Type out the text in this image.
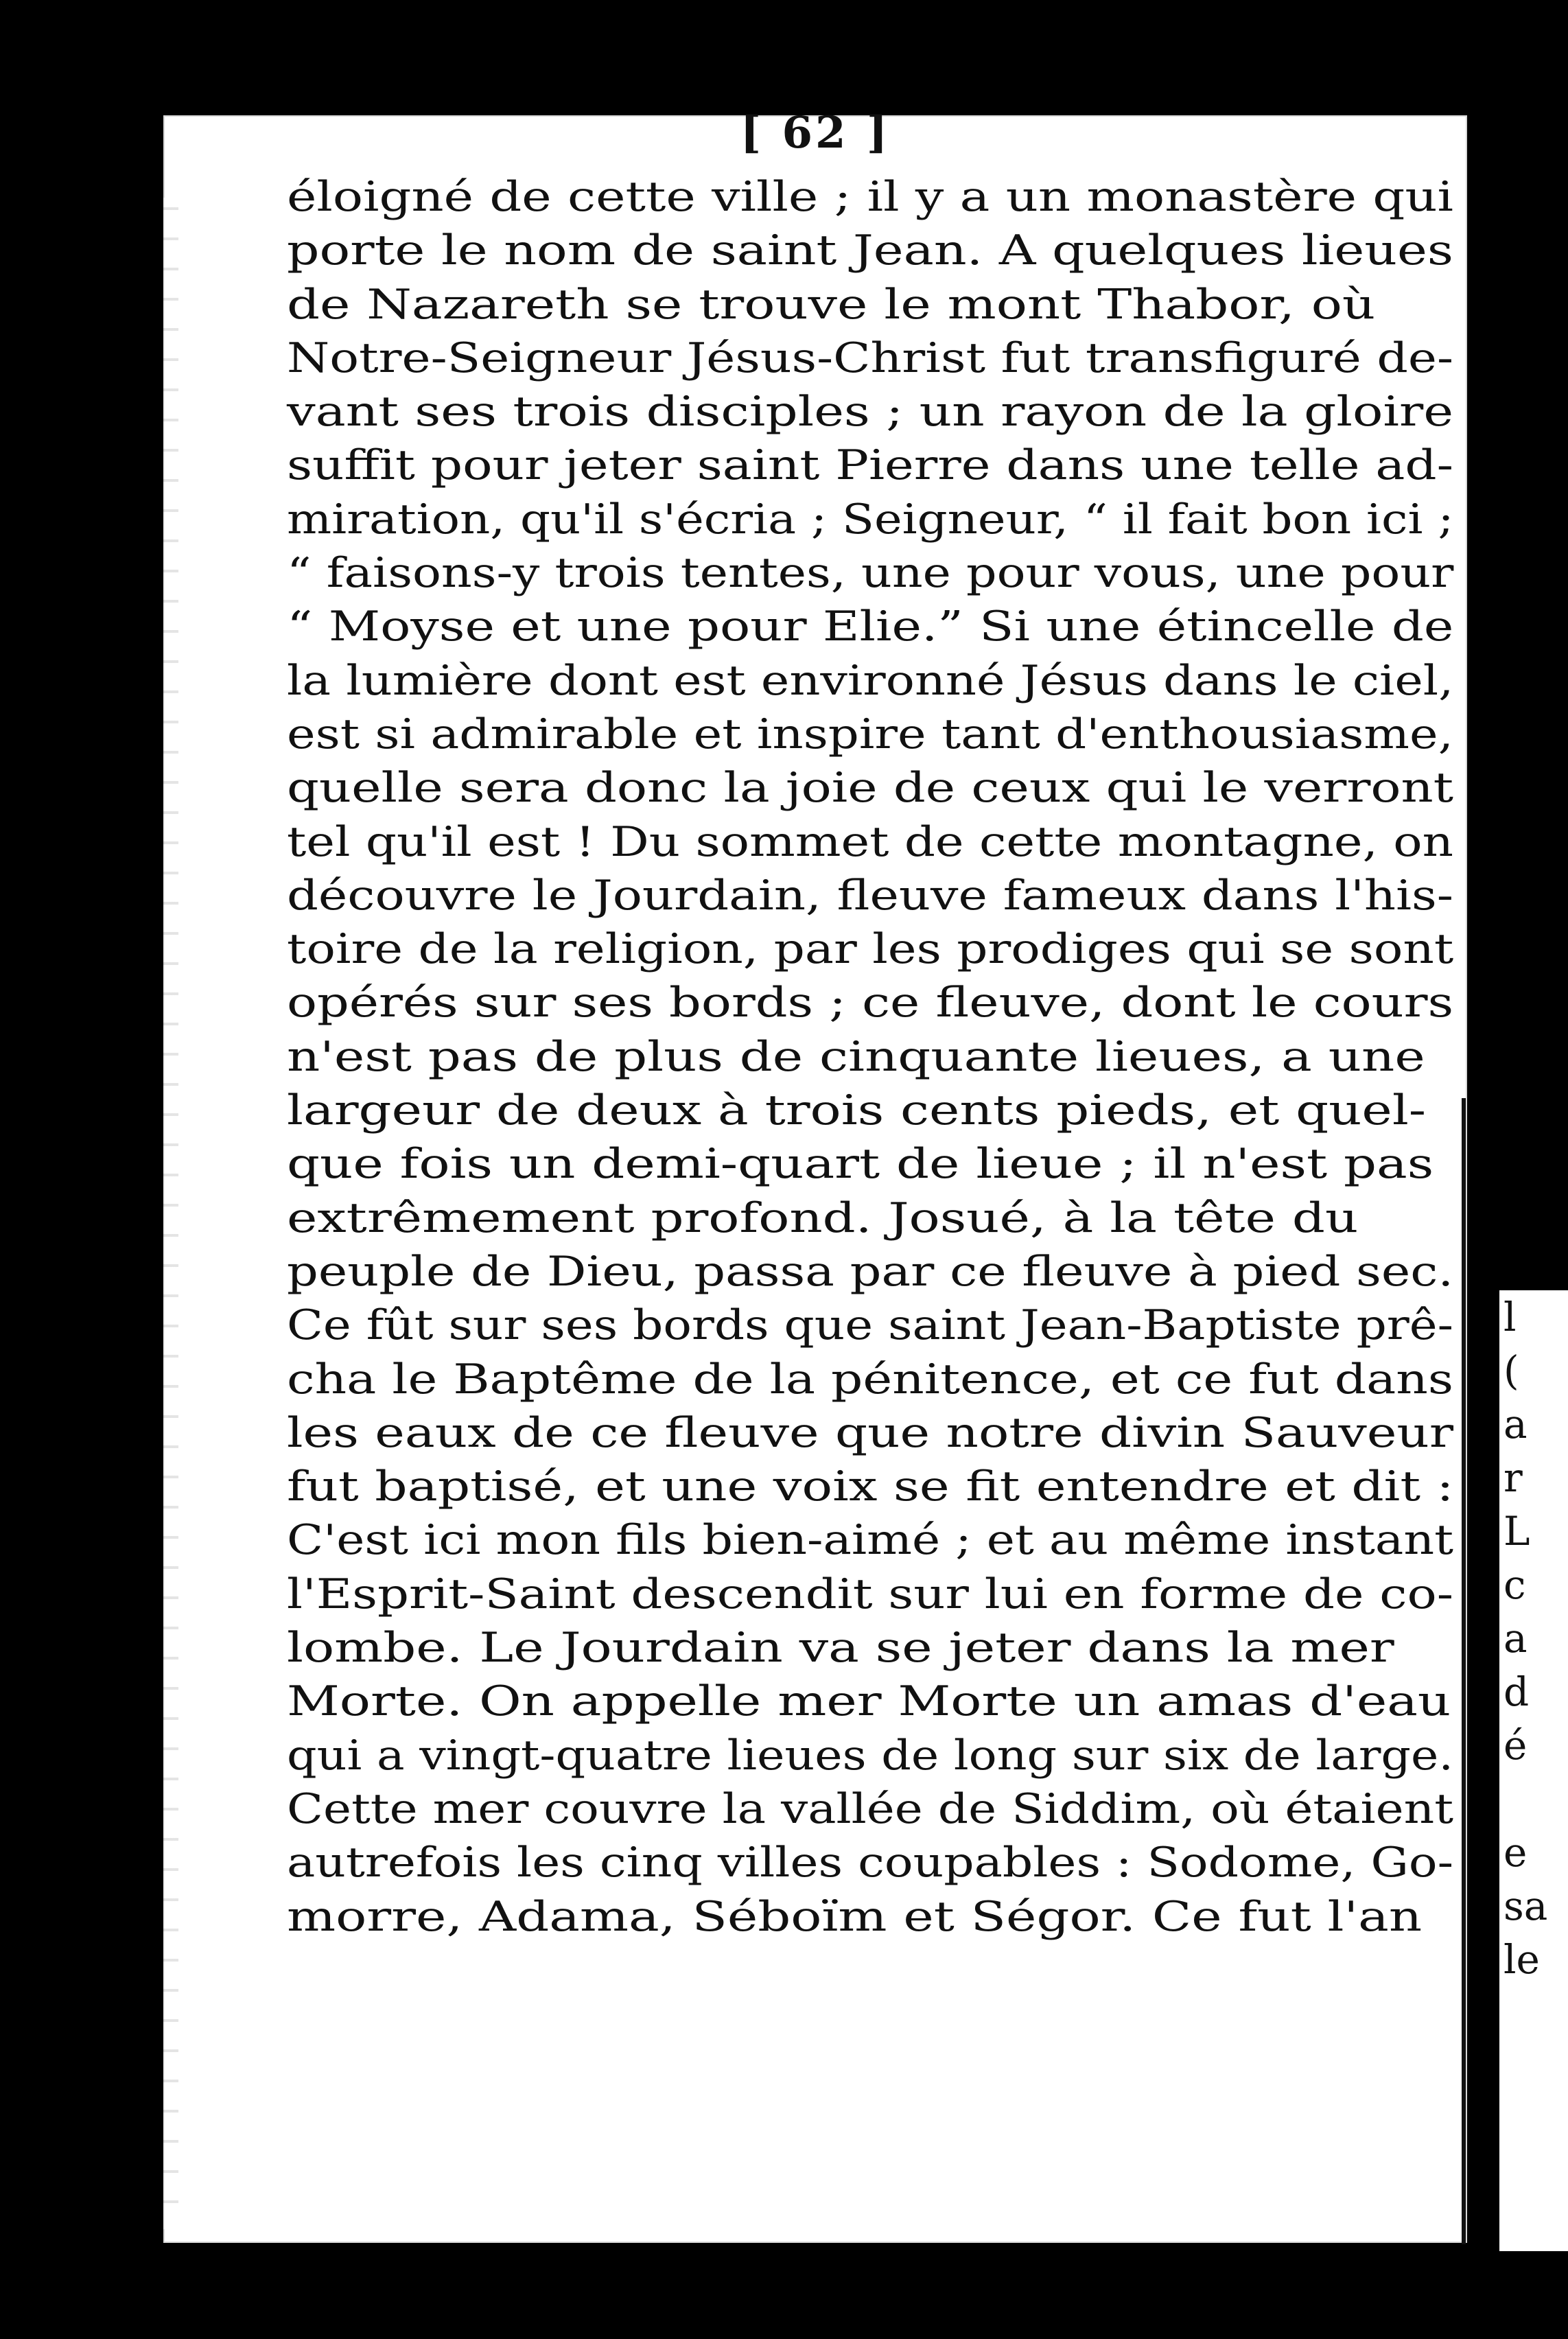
[ 62 ]
éloigné de cette ville ; il y a un monastère qui
porte le nom de saint Jean. A quelques lieues
de Nazareth se trouve le mont Thabor, où
Notre-Seigneur Jésus-Christ fut transfiguré de-
vant ses trois disciples ; un rayon de la gloire
suffit pour jeter saint Pierre dans une telle ad-
miration, qu'il s'écria ; Seigneur, “ il fait bon ici ;
“ faisons-y trois tentes, une pour vous, une pour
“ Moyse et une pour Elie.” Si une étincelle de
la lumière dont est environné Jésus dans le ciel,
est si admirable et inspire tant d'enthousiasme,
quelle sera donc la joie de ceux qui le verront
tel qu'il est ! Du sommet de cette montagne, on
découvre le Jourdain, fleuve fameux dans l'his-
toire de la religion, par les prodiges qui se sont
opérés sur ses bords ; ce fleuve, dont le cours
n'est pas de plus de cinquante lieues, a une
largeur de deux à trois cents pieds, et quel-
que fois un demi-quart de lieue ; il n'est pas
extrêmement profond. Josué, à la tête du
peuple de Dieu, passa par ce fleuve à pied sec.
Ce fût sur ses bords que saint Jean-Baptiste prê-
cha le Baptême de la pénitence, et ce fut dans
les eaux de ce fleuve que notre divin Sauveur
fut baptisé, et une voix se fit entendre et dit :
C'est ici mon fils bien-aimé ; et au même instant
l'Esprit-Saint descendit sur lui en forme de co-
lombe. Le Jourdain va se jeter dans la mer
Morte. On appelle mer Morte un amas d'eau
qui a vingt-quatre lieues de long sur six de large.
Cette mer couvre la vallée de Siddim, où étaient
autrefois les cinq villes coupables : Sodome, Go-
morre, Adama, Séboïm et Ségor. Ce fut l'an
l
(
a
r
L
c
a
d
é
e
sa
le
